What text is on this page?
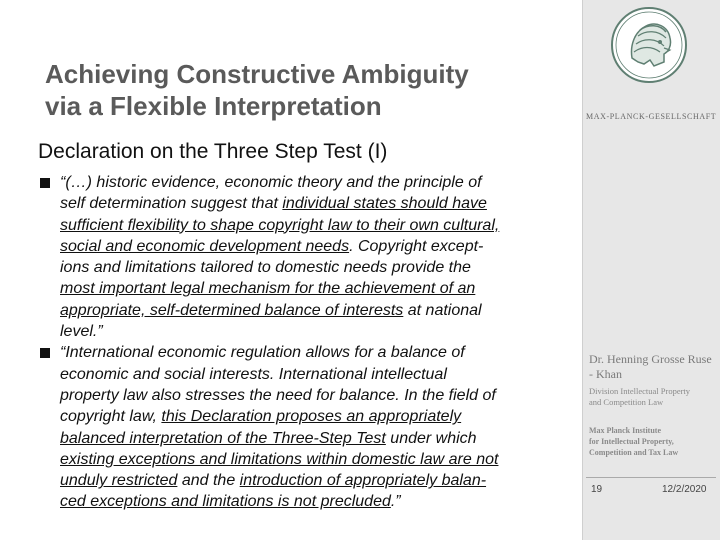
MAX-PLANCK-GESELLSCHAFT
Achieving Constructive Ambiguity
via a Flexible Interpretation
Declaration on the Three Step Test (I)
“(…) historic evidence, economic theory and the principle of
self determination suggest that individual states should have
sufficient flexibility to shape copyright law to their own cultural,
social and economic development needs. Copyright except-
ions and limitations tailored to domestic needs provide the
most important legal mechanism for the achievement of an
appropriate, self-determined balance of interests at national
level.”
“International economic regulation allows for a balance of
economic and social interests. International intellectual
property law also stresses the need for balance. In the field of
copyright law, this Declaration proposes an appropriately
balanced interpretation of the Three-Step Test under which
existing exceptions and limitations within domestic law are not
unduly restricted and the introduction of appropriately balan-
ced exceptions and limitations is not precluded.”
Dr. Henning Grosse Ruse
- Khan
Division Intellectual Property
and Competition Law
Max Planck Institute
for Intellectual Property,
Competition and Tax Law
19	12/2/2020
